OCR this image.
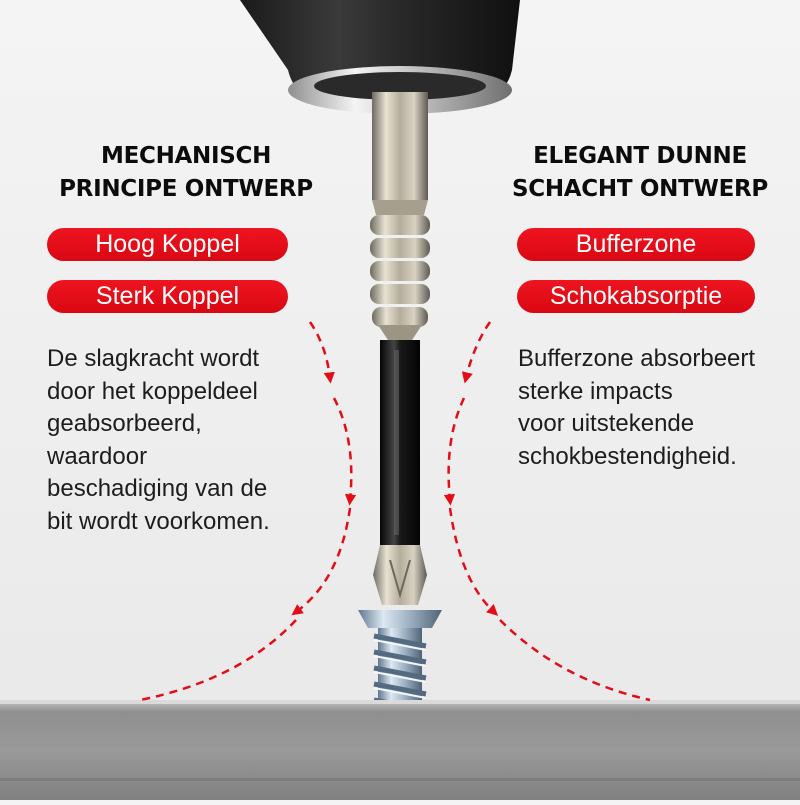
MECHANISCH
PRINCIPE ONTWERP
Hoog Koppel
Sterk Koppel
De slagkracht wordt
door het koppeldeel
geabsorbeerd,
waardoor
beschadiging van de
bit wordt voorkomen.
ELEGANT DUNNE
SCHACHT ONTWERP
Bufferzone
Schokabsorptie
Bufferzone absorbeert
sterke impacts
voor uitstekende
schokbestendigheid.
